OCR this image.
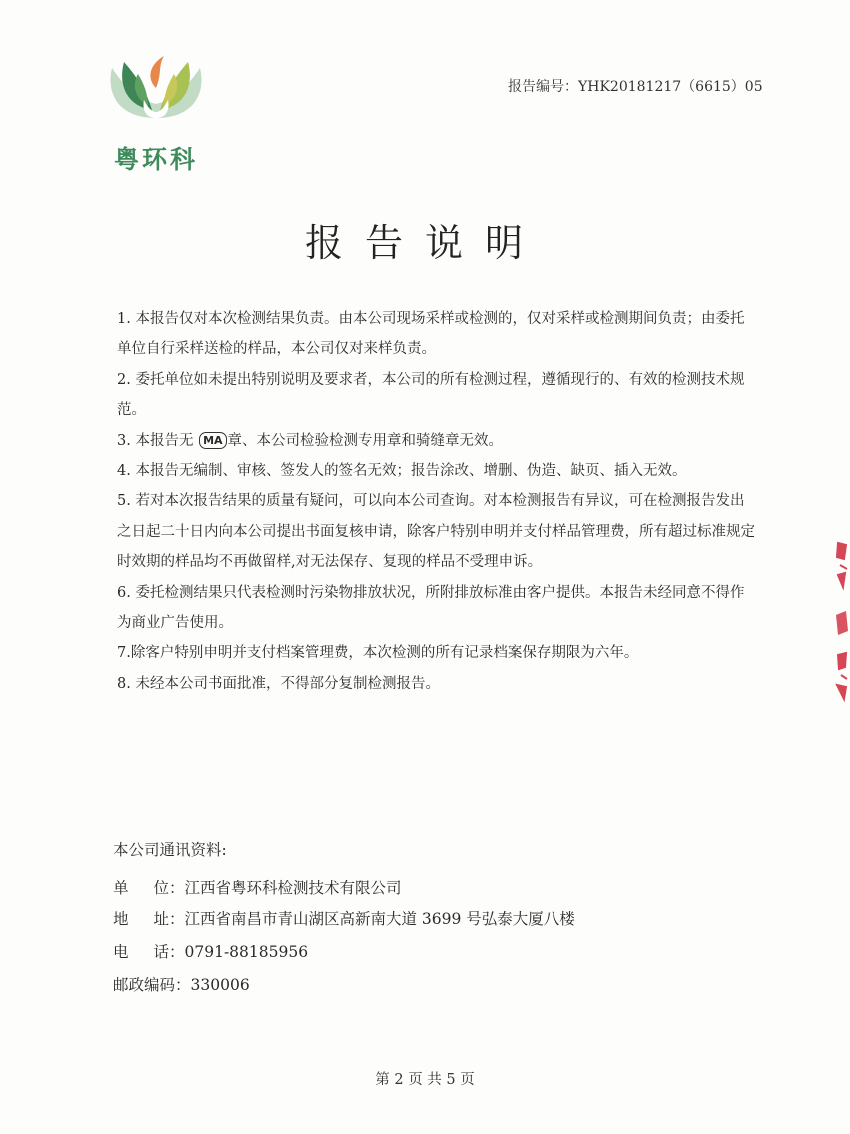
粤环科
报告编号：YHK20181217（6615）05
报告说明

1. 本报告仅对本次检测结果负责。由本公司现场采样或检测的，仅对采样或检测期间负责；由委托单位自行采样送检的样品，本公司仅对来样负责。

2. 委托单位如未提出特别说明及要求者，本公司的所有检测过程，遵循现行的、有效的检测技术规范。

3. 本报告无 MA 章、本公司检验检测专用章和骑缝章无效。

4. 本报告无编制、审核、签发人的签名无效；报告涂改、增删、伪造、缺页、插入无效。

5. 若对本次报告结果的质量有疑问，可以向本公司查询。对本检测报告有异议，可在检测报告发出之日起二十日内向本公司提出书面复核申请，除客户特别申明并支付样品管理费，所有超过标准规定时效期的样品均不再做留样,对无法保存、复现的样品不受理申诉。

6. 委托检测结果只代表检测时污染物排放状况，所附排放标准由客户提供。本报告未经同意不得作为商业广告使用。

7.除客户特别申明并支付档案管理费，本次检测的所有记录档案保存期限为六年。

8. 未经本公司书面批准，不得部分复制检测报告。

本公司通讯资料:
单位：江西省粤环科检测技术有限公司
地址：江西省南昌市青山湖区高新南大道 3699 号弘泰大厦八楼
电话：0791-88185956
邮政编码：330006
第 2 页 共 5 页
